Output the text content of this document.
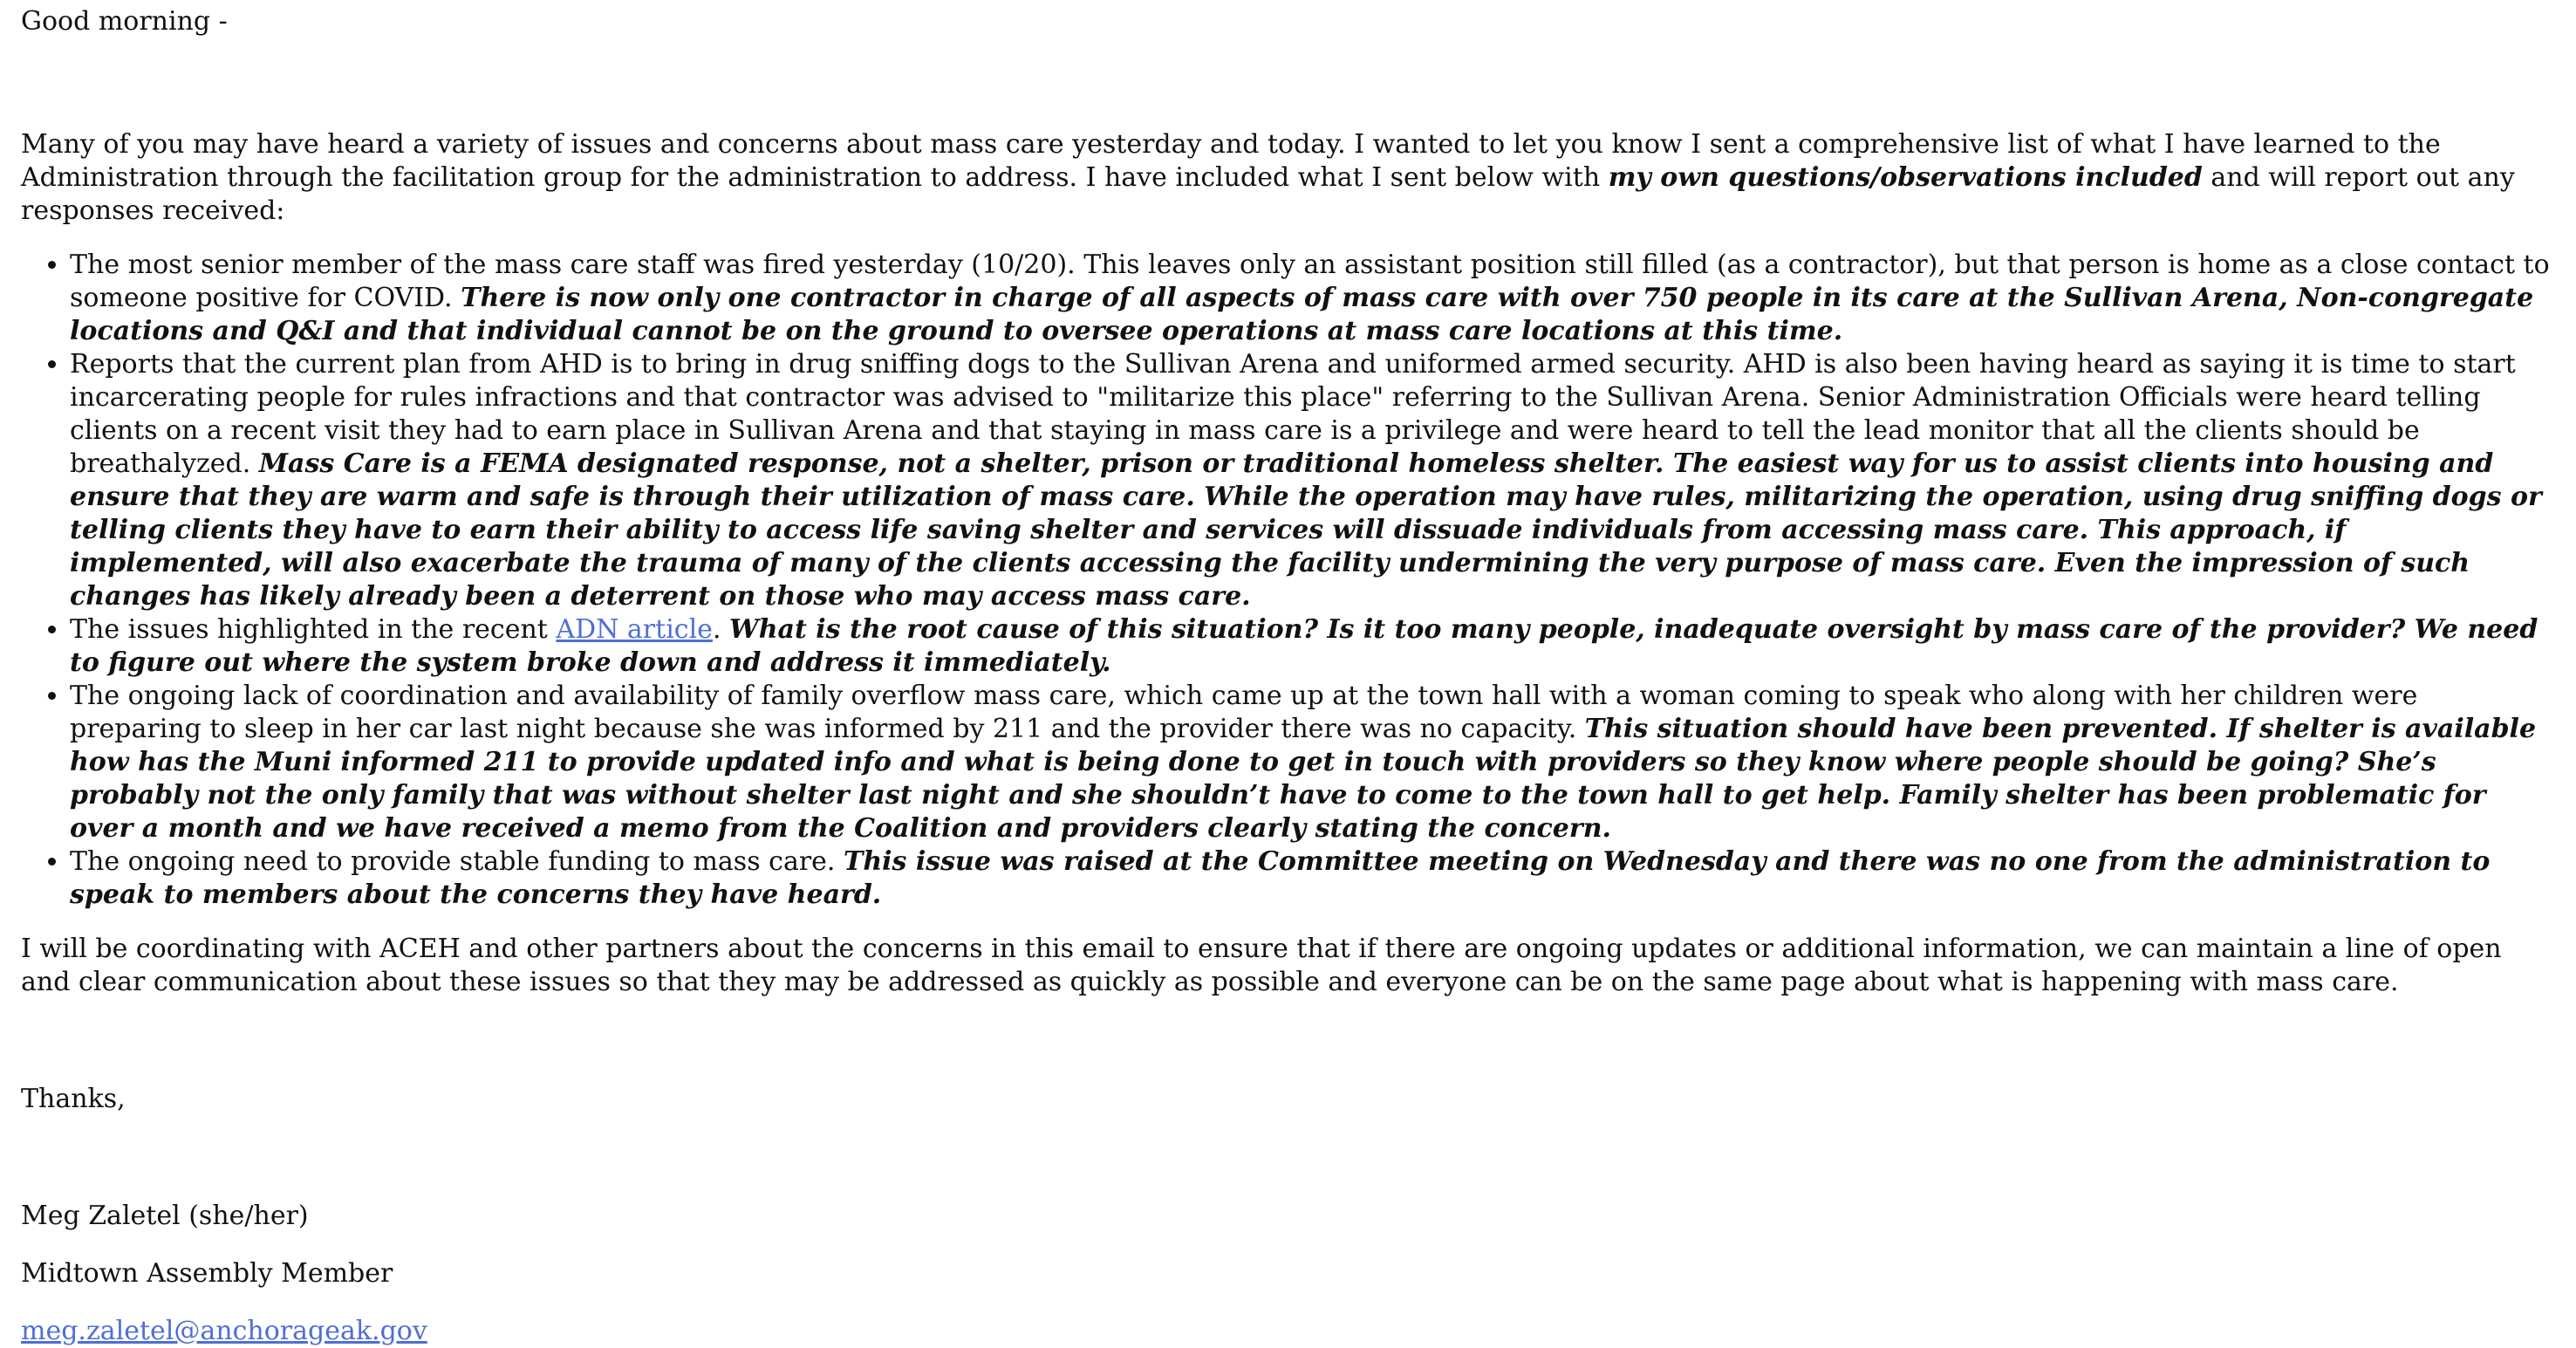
Good morning -

Many of you may have heard a variety of issues and concerns about mass care yesterday and today. I wanted to let you know I sent a comprehensive list of what I have learned to the Administration through the facilitation group for the administration to address. I have included what I sent below with my own questions/observations included and will report out any responses received:

• The most senior member of the mass care staff was fired yesterday (10/20). This leaves only an assistant position still filled (as a contractor), but that person is home as a close contact to someone positive for COVID. There is now only one contractor in charge of all aspects of mass care with over 750 people in its care at the Sullivan Arena, Non-congregate locations and Q&I and that individual cannot be on the ground to oversee operations at mass care locations at this time.
• Reports that the current plan from AHD is to bring in drug sniffing dogs to the Sullivan Arena and uniformed armed security. AHD is also been having heard as saying it is time to start incarcerating people for rules infractions and that contractor was advised to "militarize this place" referring to the Sullivan Arena. Senior Administration Officials were heard telling clients on a recent visit they had to earn place in Sullivan Arena and that staying in mass care is a privilege and were heard to tell the lead monitor that all the clients should be breathalyzed. Mass Care is a FEMA designated response, not a shelter, prison or traditional homeless shelter. The easiest way for us to assist clients into housing and ensure that they are warm and safe is through their utilization of mass care. While the operation may have rules, militarizing the operation, using drug sniffing dogs or telling clients they have to earn their ability to access life saving shelter and services will dissuade individuals from accessing mass care. This approach, if implemented, will also exacerbate the trauma of many of the clients accessing the facility undermining the very purpose of mass care. Even the impression of such changes has likely already been a deterrent on those who may access mass care.
• The issues highlighted in the recent ADN article. What is the root cause of this situation? Is it too many people, inadequate oversight by mass care of the provider? We need to figure out where the system broke down and address it immediately.
• The ongoing lack of coordination and availability of family overflow mass care, which came up at the town hall with a woman coming to speak who along with her children were preparing to sleep in her car last night because she was informed by 211 and the provider there was no capacity. This situation should have been prevented. If shelter is available how has the Muni informed 211 to provide updated info and what is being done to get in touch with providers so they know where people should be going? She’s probably not the only family that was without shelter last night and she shouldn’t have to come to the town hall to get help. Family shelter has been problematic for over a month and we have received a memo from the Coalition and providers clearly stating the concern.
• The ongoing need to provide stable funding to mass care. This issue was raised at the Committee meeting on Wednesday and there was no one from the administration to speak to members about the concerns they have heard.

I will be coordinating with ACEH and other partners about the concerns in this email to ensure that if there are ongoing updates or additional information, we can maintain a line of open and clear communication about these issues so that they may be addressed as quickly as possible and everyone can be on the same page about what is happening with mass care.

Thanks,

Meg Zaletel (she/her)

Midtown Assembly Member

meg.zaletel@anchorageak.gov
